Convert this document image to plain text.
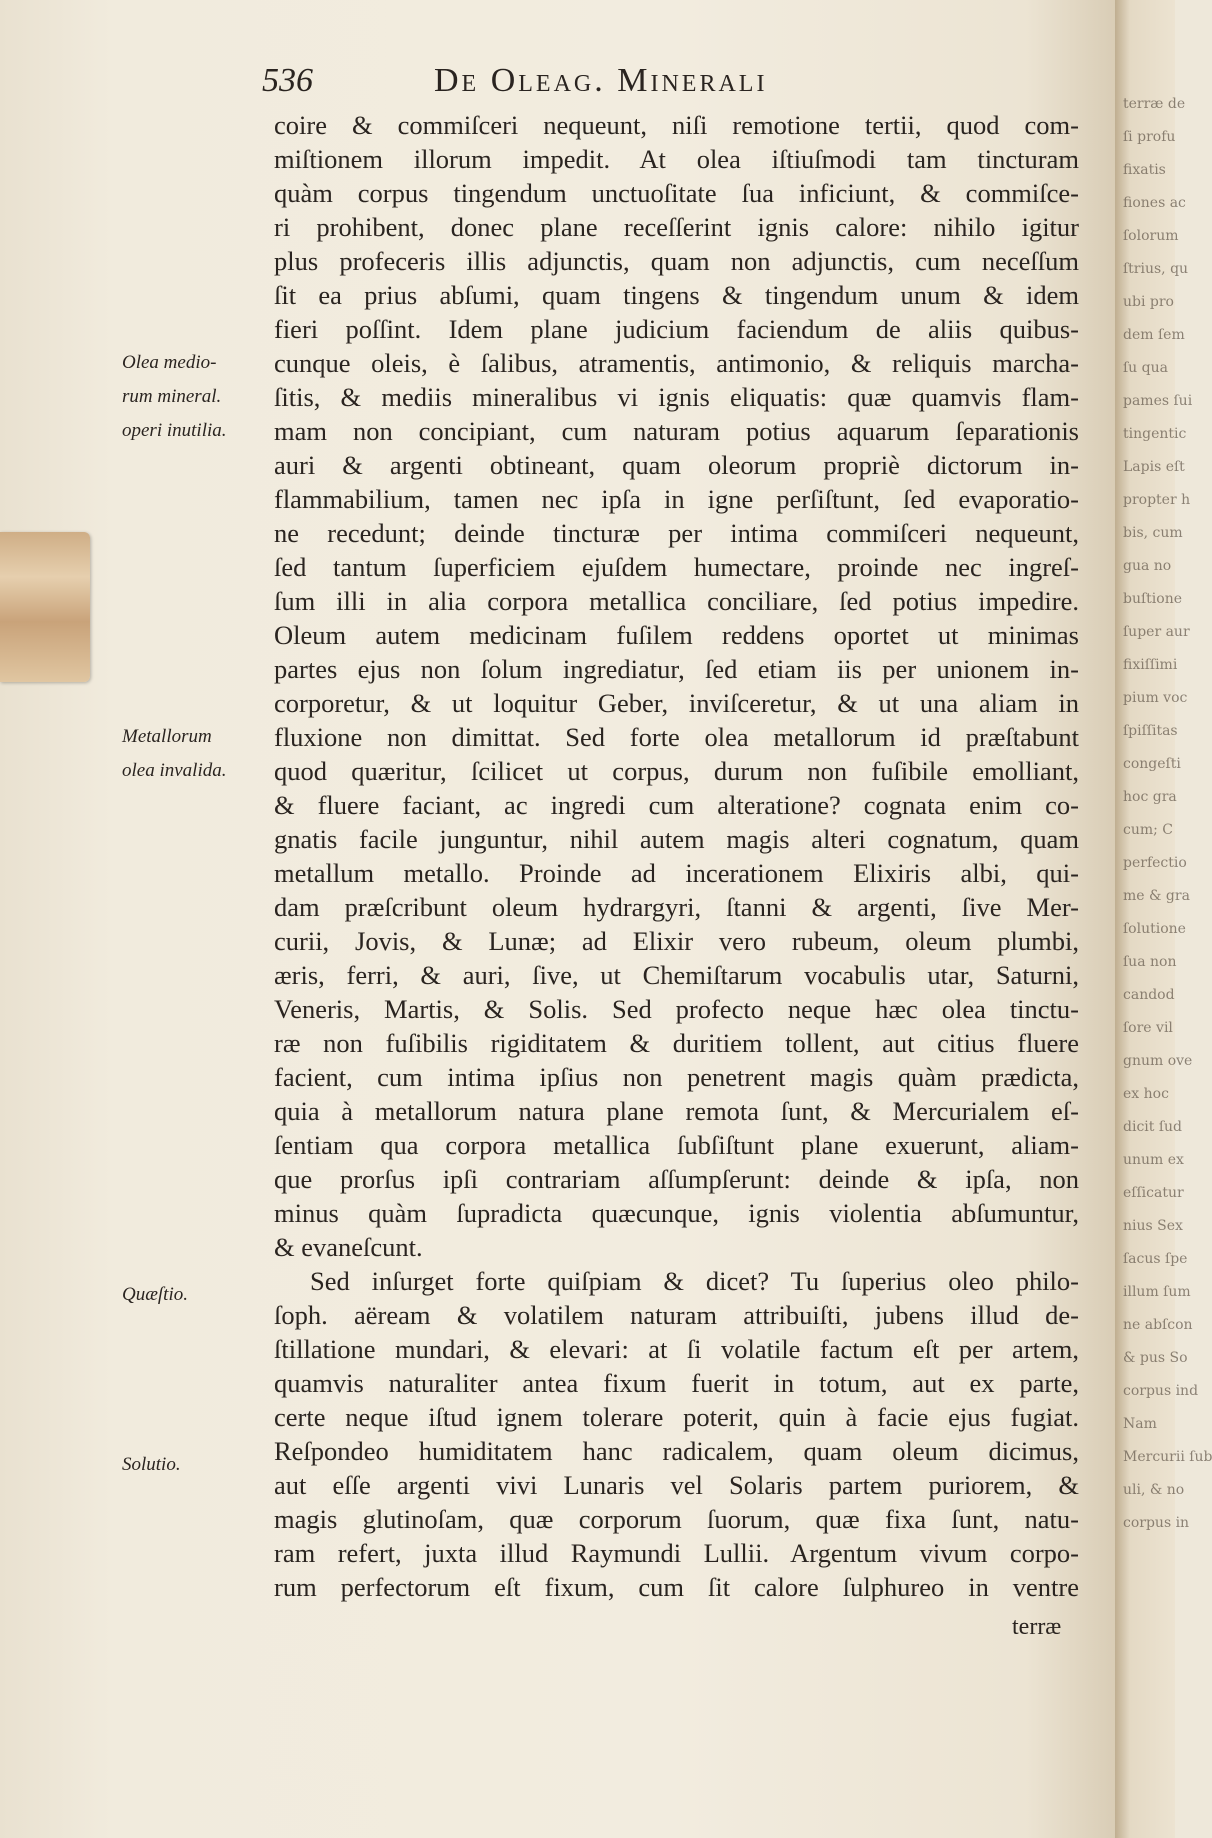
536	De Oleag. Minerali
Olea medio-
rum mineral.
operi inutilia.
Metallorum
olea invalida.
Quæſtio.
Solutio.
coire & commiſceri nequeunt, niſi remotione tertii, quod com-
miſtionem illorum impedit. At olea iſtiuſmodi tam tincturam
quàm corpus tingendum unctuoſitate ſua inficiunt, & commiſce-
ri prohibent, donec plane receſſerint ignis calore: nihilo igitur
plus profeceris illis adjunctis, quam non adjunctis, cum neceſſum
ſit ea prius abſumi, quam tingens & tingendum unum & idem
fieri poſſint. Idem plane judicium faciendum de aliis quibus-
cunque oleis, è ſalibus, atramentis, antimonio, & reliquis marcha-
ſitis, & mediis mineralibus vi ignis eliquatis: quæ quamvis flam-
mam non concipiant, cum naturam potius aquarum ſeparationis
auri & argenti obtineant, quam oleorum propriè dictorum in-
flammabilium, tamen nec ipſa in igne perſiſtunt, ſed evaporatio-
ne recedunt; deinde tincturæ per intima commiſceri nequeunt,
ſed tantum ſuperficiem ejuſdem humectare, proinde nec ingreſ-
ſum illi in alia corpora metallica conciliare, ſed potius impedire.
Oleum autem medicinam fuſilem reddens oportet ut minimas
partes ejus non ſolum ingrediatur, ſed etiam iis per unionem in-
corporetur, & ut loquitur Geber, inviſceretur, & ut una aliam in
fluxione non dimittat. Sed forte olea metallorum id præſtabunt
quod quæritur, ſcilicet ut corpus, durum non fuſibile emolliant,
& fluere faciant, ac ingredi cum alteratione? cognata enim co-
gnatis facile junguntur, nihil autem magis alteri cognatum, quam
metallum metallo. Proinde ad incerationem Elixiris albi, qui-
dam præſcribunt oleum hydrargyri, ſtanni & argenti, ſive Mer-
curii, Jovis, & Lunæ; ad Elixir vero rubeum, oleum plumbi,
æris, ferri, & auri, ſive, ut Chemiſtarum vocabulis utar, Saturni,
Veneris, Martis, & Solis. Sed profecto neque hæc olea tinctu-
ræ non fuſibilis rigiditatem & duritiem tollent, aut citius fluere
facient, cum intima ipſius non penetrent magis quàm prædicta,
quia à metallorum natura plane remota ſunt, & Mercurialem eſ-
ſentiam qua corpora metallica ſubſiſtunt plane exuerunt, aliam-
que prorſus ipſi contrariam aſſumpſerunt: deinde & ipſa, non
minus quàm ſupradicta quæcunque, ignis violentia abſumuntur,
& evaneſcunt.
Sed inſurget forte quiſpiam & dicet? Tu ſuperius oleo philo-
ſoph. aëream & volatilem naturam attribuiſti, jubens illud de-
ſtillatione mundari, & elevari: at ſi volatile factum eſt per artem,
quamvis naturaliter antea fixum fuerit in totum, aut ex parte,
certe neque iſtud ignem tolerare poterit, quin à facie ejus fugiat.
Reſpondeo humiditatem hanc radicalem, quam oleum dicimus,
aut eſſe argenti vivi Lunaris vel Solaris partem puriorem, &
magis glutinoſam, quæ corporum ſuorum, quæ fixa ſunt, natu-
ram refert, juxta illud Raymundi Lullii. Argentum vivum corpo-
rum perfectorum eſt fixum, cum ſit calore ſulphureo in ventre
terræ
terræ de
ſi profu
fixatis
fiones ac
ſolorum
ſtrius, qu
ubi pro
dem ſem
ſu qua
pames ſui
tingentic
Lapis eſt
propter h
bis, cum
gua no
buſtione
ſuper aur
fixiſſimi
pium voc
ſpiſſitas
congeſti
hoc gra
cum; C
perfectio
me & gra
ſolutione
ſua non
candod
ſore vil
gnum ove
ex hoc
dicit ſud
unum ex
eſſicatur
nius Sex
ſacus ſpe
illum ſum
ne abſcon
& pus So
corpus ind
Nam
Mercurii ſub
uli, & no
corpus in
